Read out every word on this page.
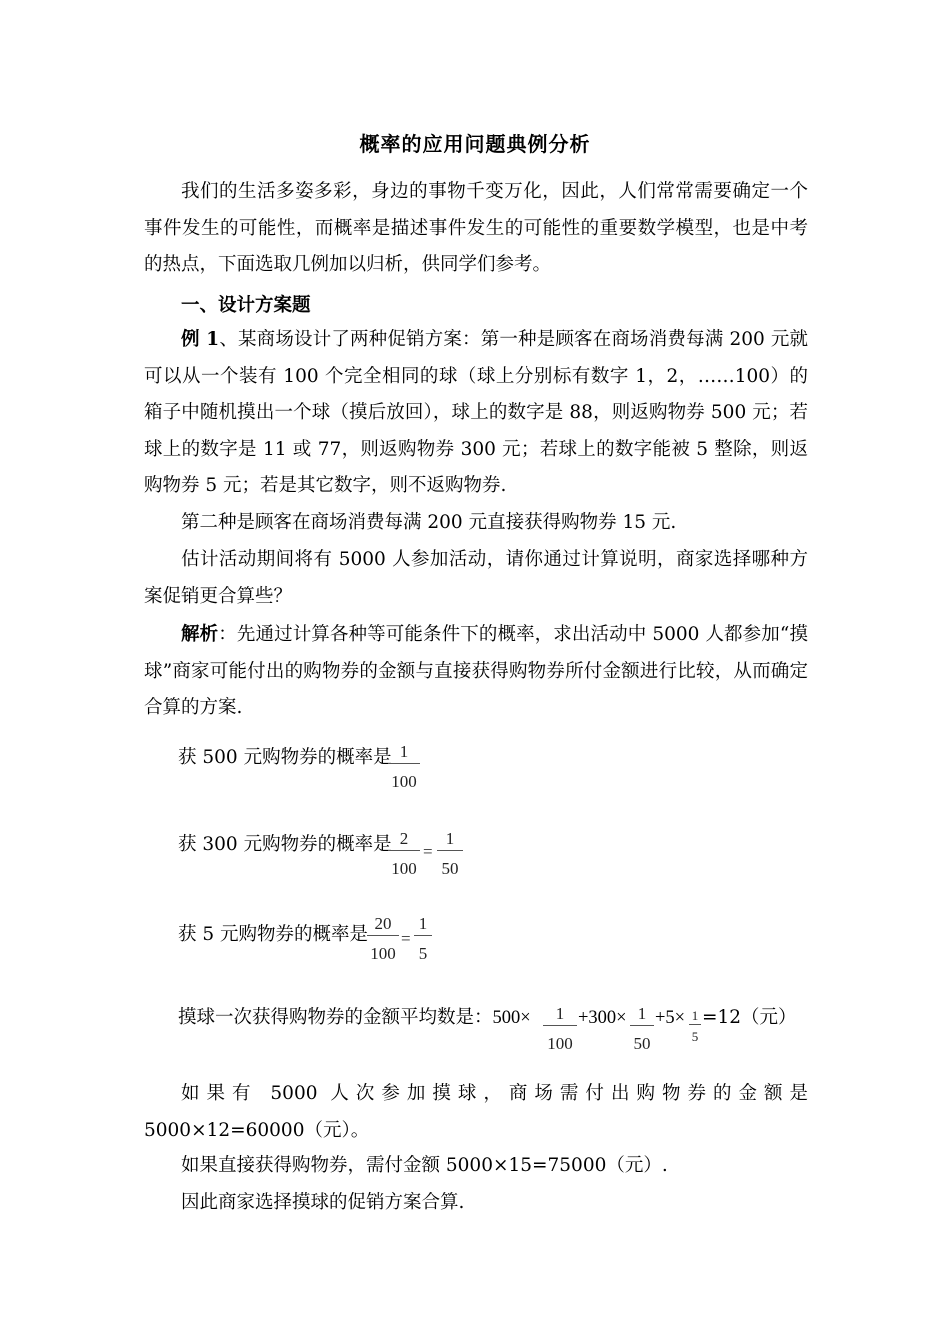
概率的应用问题典例分析
我们的生活多姿多彩，身边的事物千变万化，因此，人们常常需要确定一个事件发生的可能性，而概率是描述事件发生的可能性的重要数学模型，也是中考的热点，下面选取几例加以归析，供同学们参考。
一、设计方案题
例 1、某商场设计了两种促销方案：第一种是顾客在商场消费每满 200 元就可以从一个装有 100 个完全相同的球（球上分别标有数字 1，2，……100）的箱子中随机摸出一个球（摸后放回），球上的数字是 88，则返购物券 500 元；若球上的数字是 11 或 77，则返购物券 300 元；若球上的数字能被 5 整除，则返购物券 5 元；若是其它数字，则不返购物券.
第二种是顾客在商场消费每满 200 元直接获得购物券 15 元.
估计活动期间将有 5000 人参加活动，请你通过计算说明，商家选择哪种方案促销更合算些？
解析：先通过计算各种等可能条件下的概率，求出活动中 5000 人都参加“摸球”商家可能付出的购物券的金额与直接获得购物券所付金额进行比较，从而确定合算的方案.
获 500 元购物券的概率是 1
100
获 300 元购物券的概率是 2
100
=
1
50
获 5 元购物券的概率是
20
100
=
1
5
摸球一次获得购物券的金额平均数是：500×	1
100
+300× 1
50
+5× 1
5
=12（元）
如果有 5000 人次参加摸球，商场需付出购物券的金额是 5000×12=60000（元）。
如果直接获得购物券，需付金额 5000×15=75000（元）.
因此商家选择摸球的促销方案合算.
